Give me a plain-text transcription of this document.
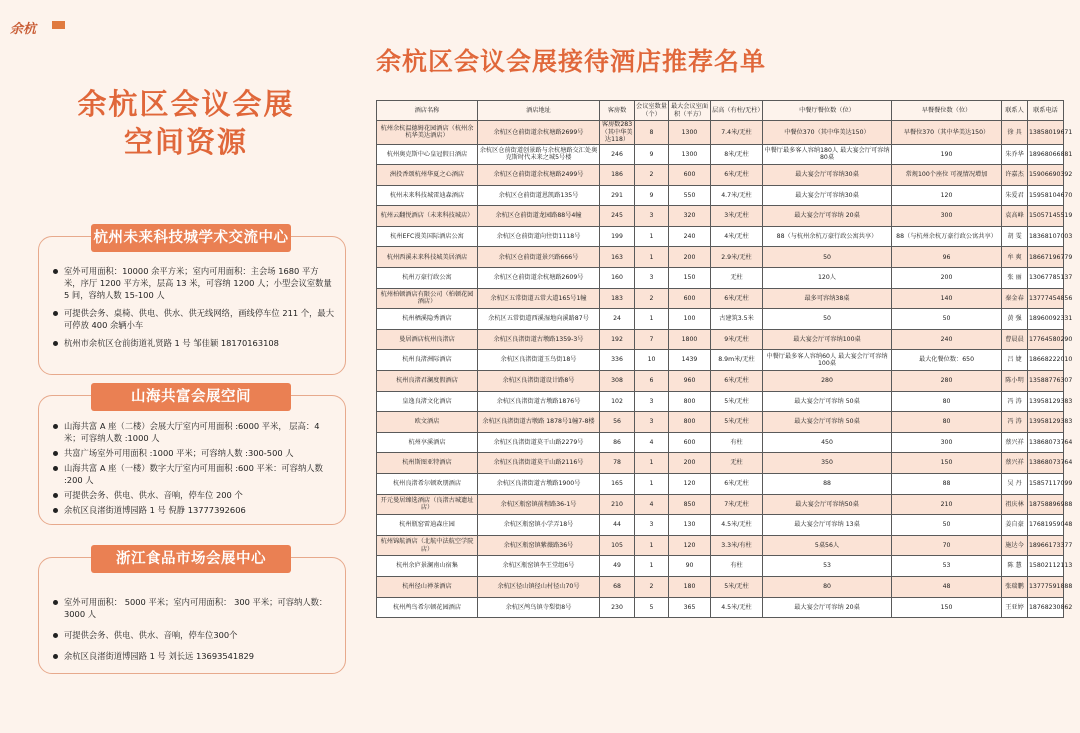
余杭
余杭区会议会展
空间资源
杭州未来科技城学术交流中心
室外可用面积：10000 余平方米；室内可用面积：主会场 1680 平方米，序厅 1200 平方米，层高 13 米，可容纳 1200 人；小型会议室数量 5 间，容纳人数 15-100 人
可提供会务、桌椅、供电、供水、供无线网络，画线停车位 211 个，最大可停放 400 余辆小车
杭州市余杭区仓前街道礼贤路 1 号 邹佳颖 18170163108
山海共富会展空间
山海共富 A 座（二楼）会展大厅室内可用面积 :6000 平米， 层高：4 米；可容纳人数 :1000 人
共富广场室外可用面积 :1000 平米；可容纳人数 :300-500 人
山海共富 A 座（一楼）数字大厅室内可用面积 :600 平米：可容纳人数 :200 人
可提供会务、供电、供水、音响，停车位 200 个
余杭区良渚街道博园路 1 号 倪静 13777392606
浙江食品市场会展中心
室外可用面积： 5000 平米；室内可用面积： 300 平米；可容纳人数： 3000 人
可提供会务、供电、供水、音响，停车位300个
余杭区良渚街道博园路 1 号 刘长远 13693541829
余杭区会议会展接待酒店推荐名单
酒店名称	酒店地址	客房数	会议室数量（个）	最大会议室面积（平方）	层高（有柱/无柱）	中餐厅餐位数（位）	早餐餐位数（位）	联系人	联系电话
杭州余杭温德姆花园酒店（杭州余杭华美达酒店）	余杭区仓前街道余杭塘路2699号	客房数283（其中华美达118）	8	1300	7.4米/无柱	中餐位370（其中华美达150）	早餐位370（其中华美达150）	徐 具	13858019671
杭州奥克斯中心皇冠假日酒店	余杭区仓前街道创景路与余杭塘路交汇处奥克斯时代未来之城5号楼	246	9	1300	8米/无柱	中餐厅最多客人容纳180人 最大宴会厅可容纳80桌	190	朱乔华	18968066881
洲投香颂杭州华夏之心酒店	余杭区仓前街道余杭塘路2499号	186	2	600	6米/无柱	最大宴会厅可容纳30桌	常规100个座位 可视情况增加	许嘉杰	15906690392
杭州未来科技城雷迪森酒店	余杭区仓前街道恩凯路135号	291	9	550	4.7米/无柱	最大宴会厅可容纳30桌	120	朱爱君	15958104670
杭州云翻悦酒店（未来科技城店）	余杭区仓前街道龙园路88号4幢	245	3	320	3米/无柱	最大宴会厅可容纳 20桌	300	袁高峰	15057145519
杭州EFC漫美国际酒店公寓	余杭区仓前街道向往街1118号	199	1	240	4米/无柱	88（与杭州余杭万豪行政公寓共享）	88（与杭州余杭万豪行政公寓共享）	胡 雯	18368107003
杭州西溪未来科技城美居酒店	余杭区仓前街道景兴路666号	163	1	200	2.9米/无柱	50	96	牟 爽	18667196779
杭州万豪行政公寓	余杭区仓前街道余杭塘路2609号	160	3	150	无柱	120人	200	张 丽	13067785137
杭州柏顿酒店有限公司（柏顿花园酒店）	余杭区五常街道五常大道165号1幢	183	2	600	6米/无柱	最多可容纳38桌	140	秦金春	13777454856
杭州栖溪隐秀酒店	余杭区五常街道西溪湿地向溪路87号	24	1	100	古建筑3.5米	50	50	黄 强	18960092331
曼居酒店杭州良渚店	余杭区良渚街道古墩路1359-3号	192	7	1800	9米/无柱	最大宴会厅可容纳100桌	240	曹晨晨	17764580290
杭州良渚洲际酒店	余杭区良渚街道玉鸟街18号	336	10	1439	8.9m米/无柱	中餐厅最多客人容纳60人 最大宴会厅可容纳100桌	最大化餐位数：650	吕 婕	18668222010
杭州良渚君澜度假酒店	余杭区良渚街道设计路8号	308	6	960	6米/无柱	280	280	陈小明	13588776307
皇逸良渚文化酒店	余杭区良渚街道古墩路1876号	102	3	800	5米/无柱	最大宴会厅可容纳 50桌	80	冯 涛	13958129383
欧文酒店	余杭区良渚街道古墩路 1878号1幢7-8楼	56	3	800	5米/无柱	最大宴会厅可容纳 50桌	80	冯 涛	13958129383
杭州享溪酒店	余杭区良渚街道莫干山路2279号	86	4	600	有柱	450	300	蔡兴祥	13868073764
杭州斯图亚特酒店	余杭区良渚街道莫干山路2116号	78	1	200	无柱	350	150	蔡兴祥	13868073764
杭州良渚希尔顿欢朋酒店	余杭区良渚街道古墩路1900号	165	1	120	6米/无柱	88	88	吴 丹	15857117099
开元曼居臻选酒店（良渚古城遗址店）	余杭区瓶窑镇前程路36-1号	210	4	850	7米/无柱	最大宴会厅可容纳50桌	210	祖庆林	18758896988
杭州瓶窑雷迪森庄园	余杭区瓶窑镇小学弄18号	44	3	130	4.5米/无柱	最大宴会厅可容纳 13桌	50	姜自豪	17681959048
杭州锦航酒店（北航中法航空学院店）	余杭区瓶窑镇紫薇路36号	105	1	120	3.3米/有柱	5桌56人	70	施达今	18966173377
杭州余庐景澜南山宿集	余杭区瓶窑镇李王堂组6号	49	1	90	有柱	53	53	陈 慧	15802112113
杭州径山禅茶酒店	余杭区径山镇径山村径山70号	68	2	180	5米/无柱	80	48	张瑞鹏	13777591888
杭州鸬鸟希尔顿花园酒店	余杭区鸬鸟镇寺梨街8号	230	5	365	4.5米/无柱	最大宴会厅可容纳 20桌	150	王亚婷	18768230862
